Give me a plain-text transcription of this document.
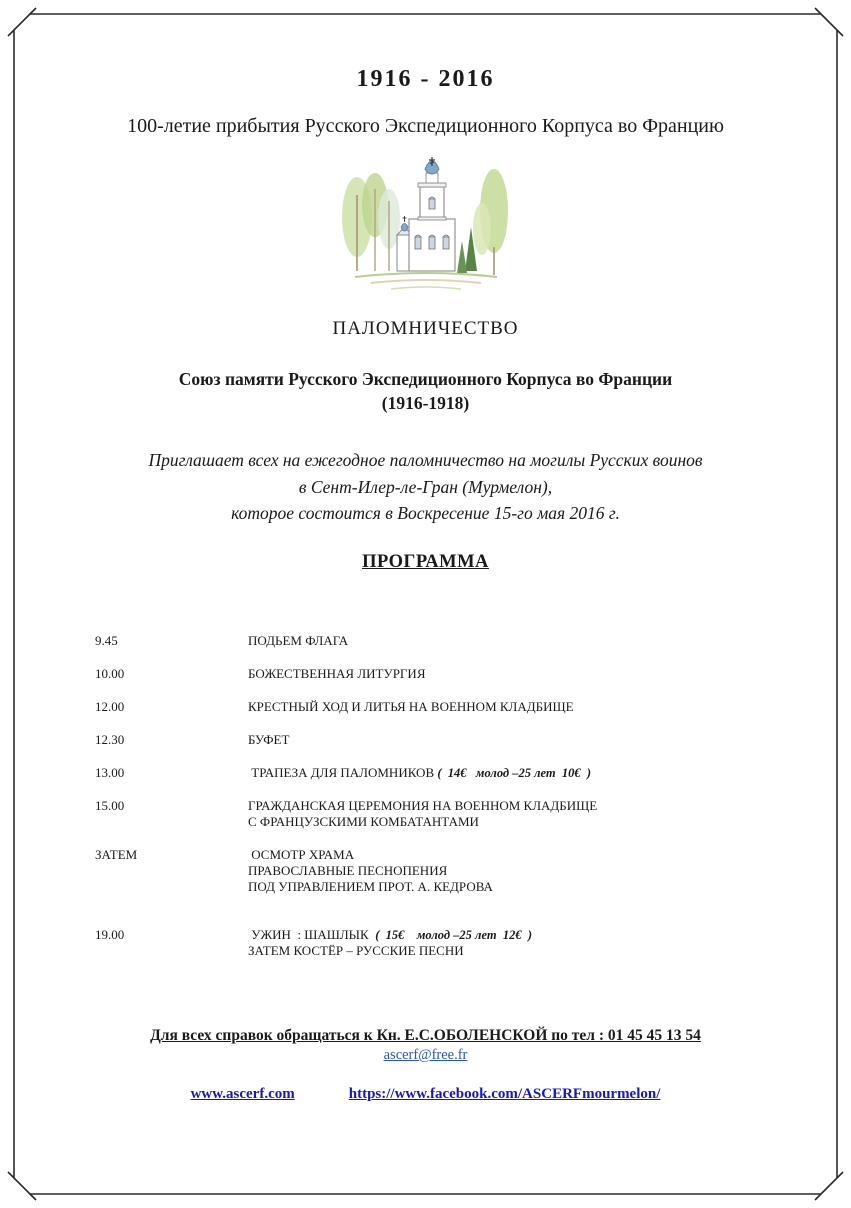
1916 - 2016
100-летие прибытия Русского Экспедиционного Корпуса во Францию
ПАЛОМНИЧЕСТВО
Союз памяти Русского Экспедиционного Корпуса во Франции
(1916-1918)
Приглашает всех на ежегодное паломничество на могилы Русских воинов
в Сент-Илер-ле-Гран (Мурмелон),
которое состоится в Воскресение 15-го мая 2016 г.
ПРОГРАММА
9.45	ПОДЬЕМ ФЛАГА
10.00	БОЖЕСТВЕННАЯ ЛИТУРГИЯ
12.00	КРЕСТНЫЙ ХОД И ЛИТЬЯ НА ВОЕННОМ КЛАДБИЩЕ
12.30	БУФЕТ
13.00	ТРАПЕЗА ДЛЯ ПАЛОМНИКОВ (  14€   молод –25 лет  10€  )
15.00	ГРАЖДАНСКАЯ ЦЕРЕМОНИЯ НА ВОЕННОМ КЛАДБИЩЕ
С ФРАНЦУЗСКИМИ КОМБАТАНТАМИ
ЗАТЕМ	ОСМОТР ХРАМА
ПРАВОСЛАВНЫЕ ПЕСНОПЕНИЯ
ПОД УПРАВЛЕНИЕМ ПРОТ. А. КЕДРОВА
19.00	УЖИН  : ШАШЛЫК  (  15€    молод –25 лет  12€  )
ЗАТЕМ КОСТЁР – РУССКИЕ ПЕСНИ
Для всех справок обращаться к Кн. Е.С.ОБОЛЕНСКОЙ по тел : 01 45 45 13 54
ascerf@free.fr
www.ascerf.com	https://www.facebook.com/ASCERFmourmelon/
